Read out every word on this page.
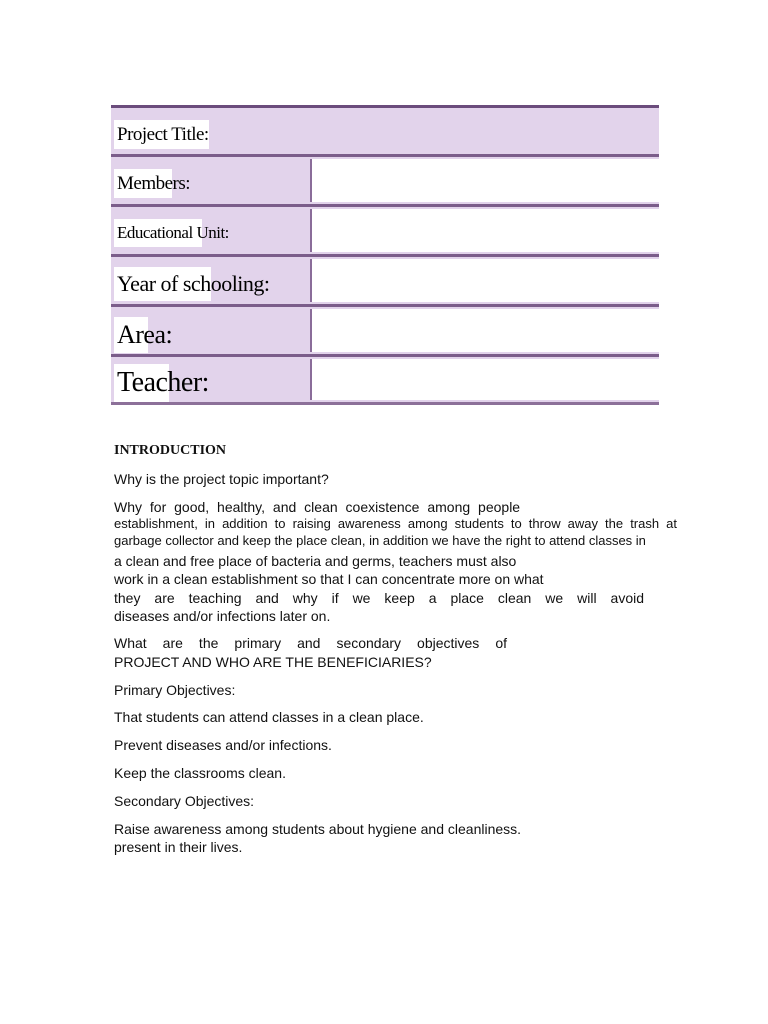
Project Title:
Members:
Educational Unit:
Year of schooling:
Area:
Teacher:
INTRODUCTION
Why is the project topic important?
Why for good, healthy, and clean coexistence among people
establishment, in addition to raising awareness among students to throw away the trash at
garbage collector and keep the place clean, in addition we have the right to attend classes in
a clean and free place of bacteria and germs, teachers must also
work in a clean establishment so that I can concentrate more on what
they are teaching and why if we keep a place clean we will avoid
diseases and/or infections later on.
What are the primary and secondary objectives of
PROJECT AND WHO ARE THE BENEFICIARIES?
Primary Objectives:
That students can attend classes in a clean place.
Prevent diseases and/or infections.
Keep the classrooms clean.
Secondary Objectives:
Raise awareness among students about hygiene and cleanliness.
present in their lives.
